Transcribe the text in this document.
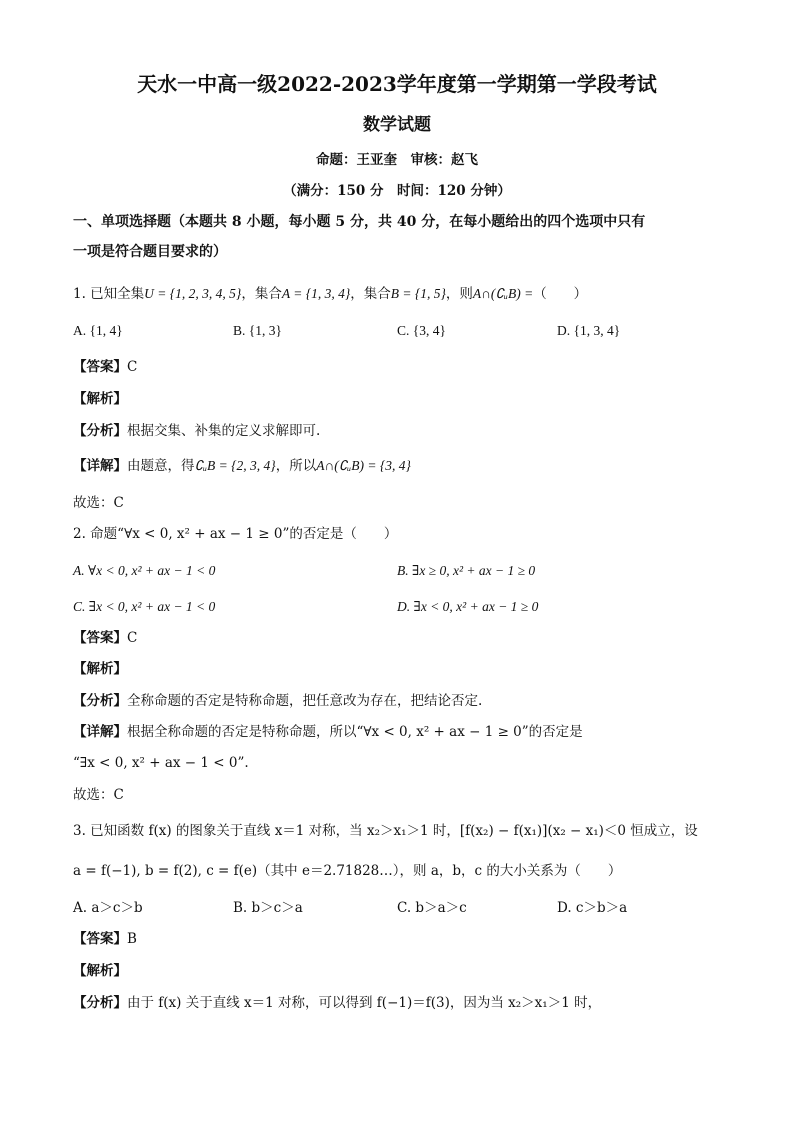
天水一中高一级2022-2023学年度第一学期第一学段考试
数学试题
命题：王亚奎　审核：赵飞
（满分：150 分　时间：120 分钟）
一、单项选择题（本题共 8 小题，每小题 5 分，共 40 分，在每小题给出的四个选项中只有
一项是符合题目要求的）
1. 已知全集U = {1, 2, 3, 4, 5}，集合A = {1, 3, 4}，集合B = {1, 5}，则A∩(∁ᵤB) =（　　）
A. {1, 4}	B. {1, 3}	C. {3, 4}	D. {1, 3, 4}
【答案】C
【解析】
【分析】根据交集、补集的定义求解即可.
【详解】由题意，得∁ᵤB = {2, 3, 4}，所以A∩(∁ᵤB) = {3, 4}
故选：C
2. 命题“∀x < 0, x² + ax − 1 ≥ 0”的否定是（　　）
A. ∀x < 0, x² + ax − 1 < 0	B. ∃x ≥ 0, x² + ax − 1 ≥ 0
C. ∃x < 0, x² + ax − 1 < 0	D. ∃x < 0, x² + ax − 1 ≥ 0
【答案】C
【解析】
【分析】全称命题的否定是特称命题，把任意改为存在，把结论否定.
【详解】根据全称命题的否定是特称命题，所以“∀x < 0, x² + ax − 1 ≥ 0”的否定是
“∃x < 0, x² + ax − 1 < 0”.
故选：C
3. 已知函数 f(x) 的图象关于直线 x＝1 对称，当 x₂＞x₁＞1 时，[f(x₂) − f(x₁)](x₂ − x₁)＜0 恒成立，设
a = f(−1), b = f(2), c = f(e)（其中 e＝2.71828…），则 a，b，c 的大小关系为（　　）
A. a＞c＞b	B. b＞c＞a	C. b＞a＞c	D. c＞b＞a
【答案】B
【解析】
【分析】由于 f(x) 关于直线 x＝1 对称，可以得到 f(−1)＝f(3)，因为当 x₂＞x₁＞1 时，
